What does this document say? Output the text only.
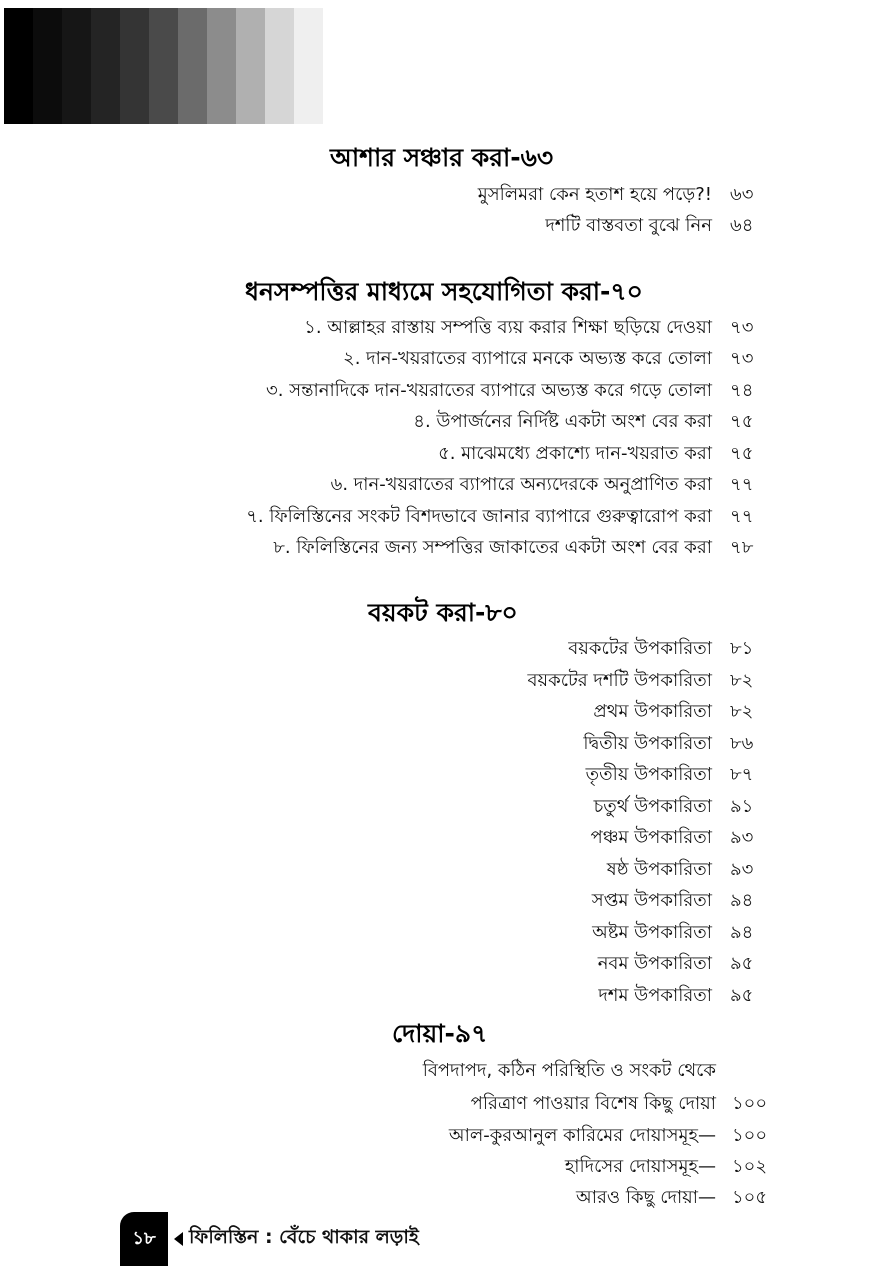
আশার সঞ্চার করা-৬৩
মুসলিমরা কেন হতাশ হয়ে পড়ে?! ৬৩
দশটি বাস্তবতা বুঝে নিন ৬৪
ধনসম্পত্তির মাধ্যমে সহযোগিতা করা-৭০
১. আল্লাহর রাস্তায় সম্পত্তি ব্যয় করার শিক্ষা ছড়িয়ে দেওয়া ৭৩
২. দান-খয়রাতের ব্যাপারে মনকে অভ্যস্ত করে তোলা ৭৩
৩. সন্তানাদিকে দান-খয়রাতের ব্যাপারে অভ্যস্ত করে গড়ে তোলা ৭৪
৪. উপার্জনের নির্দিষ্ট একটা অংশ বের করা ৭৫
৫. মাঝেমধ্যে প্রকাশ্যে দান-খয়রাত করা ৭৫
৬. দান-খয়রাতের ব্যাপারে অন্যদেরকে অনুপ্রাণিত করা ৭৭
৭. ফিলিস্তিনের সংকট বিশদভাবে জানার ব্যাপারে গুরুত্বারোপ করা ৭৭
৮. ফিলিস্তিনের জন্য সম্পত্তির জাকাতের একটা অংশ বের করা ৭৮
বয়কট করা-৮০
বয়কটের উপকারিতা ৮১
বয়কটের দশটি উপকারিতা ৮২
প্রথম উপকারিতা ৮২
দ্বিতীয় উপকারিতা ৮৬
তৃতীয় উপকারিতা ৮৭
চতুর্থ উপকারিতা ৯১
পঞ্চম উপকারিতা ৯৩
ষষ্ঠ উপকারিতা ৯৩
সপ্তম উপকারিতা ৯৪
অষ্টম উপকারিতা ৯৪
নবম উপকারিতা ৯৫
দশম উপকারিতা ৯৫
দোয়া-৯৭
বিপদাপদ, কঠিন পরিস্থিতি ও সংকট থেকে
পরিত্রাণ পাওয়ার বিশেষ কিছু দোয়া ১০০
আল-কুরআনুল কারিমের দোয়াসমূহ— ১০০
হাদিসের দোয়াসমূহ— ১০২
আরও কিছু দোয়া— ১০৫
১৮	ফিলিস্তিন : বেঁচে থাকার লড়াই
